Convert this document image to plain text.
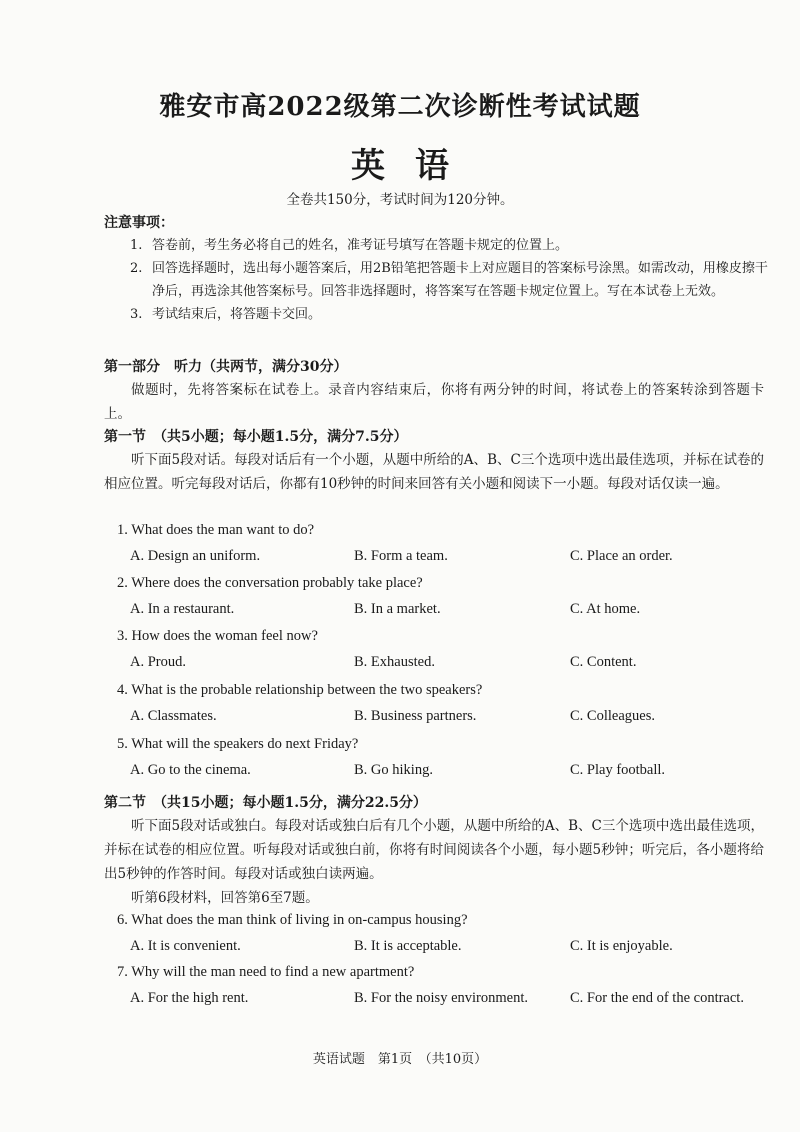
雅安市高2022级第二次诊断性考试试题
英语
全卷共150分，考试时间为120分钟。
注意事项：
1. 答卷前，考生务必将自己的姓名，准考证号填写在答题卡规定的位置上。
2. 回答选择题时，选出每小题答案后，用2B铅笔把答题卡上对应题目的答案标号涂黑。如需改动，用橡皮擦干净后，再选涂其他答案标号。回答非选择题时，将答案写在答题卡规定位置上。写在本试卷上无效。
3. 考试结束后，将答题卡交回。
第一部分　听力（共两节，满分30分）
做题时，先将答案标在试卷上。录音内容结束后，你将有两分钟的时间，将试卷上的答案转涂到答题卡上。
第一节　（共5小题；每小题1.5分，满分7.5分）
听下面5段对话。每段对话后有一个小题，从题中所给的A、B、C三个选项中选出最佳选项，并标在试卷的相应位置。听完每段对话后，你都有10秒钟的时间来回答有关小题和阅读下一小题。每段对话仅读一遍。
1. What does the man want to do?
A. Design an uniform.	B. Form a team.	C. Place an order.
2. Where does the conversation probably take place?
A. In a restaurant.	B. In a market.	C. At home.
3. How does the woman feel now?
A. Proud.	B. Exhausted.	C. Content.
4. What is the probable relationship between the two speakers?
A. Classmates.	B. Business partners.	C. Colleagues.
5. What will the speakers do next Friday?
A. Go to the cinema.	B. Go hiking.	C. Play football.
第二节　（共15小题；每小题1.5分，满分22.5分）
听下面5段对话或独白。每段对话或独白后有几个小题，从题中所给的A、B、C三个选项中选出最佳选项，并标在试卷的相应位置。听每段对话或独白前，你将有时间阅读各个小题，每小题5秒钟；听完后，各小题将给出5秒钟的作答时间。每段对话或独白读两遍。
听第6段材料，回答第6至7题。
6. What does the man think of living in on-campus housing?
A. It is convenient.	B. It is acceptable.	C. It is enjoyable.
7. Why will the man need to find a new apartment?
A. For the high rent.	B. For the noisy environment.	C. For the end of the contract.
英语试题　第1页　（共10页）
